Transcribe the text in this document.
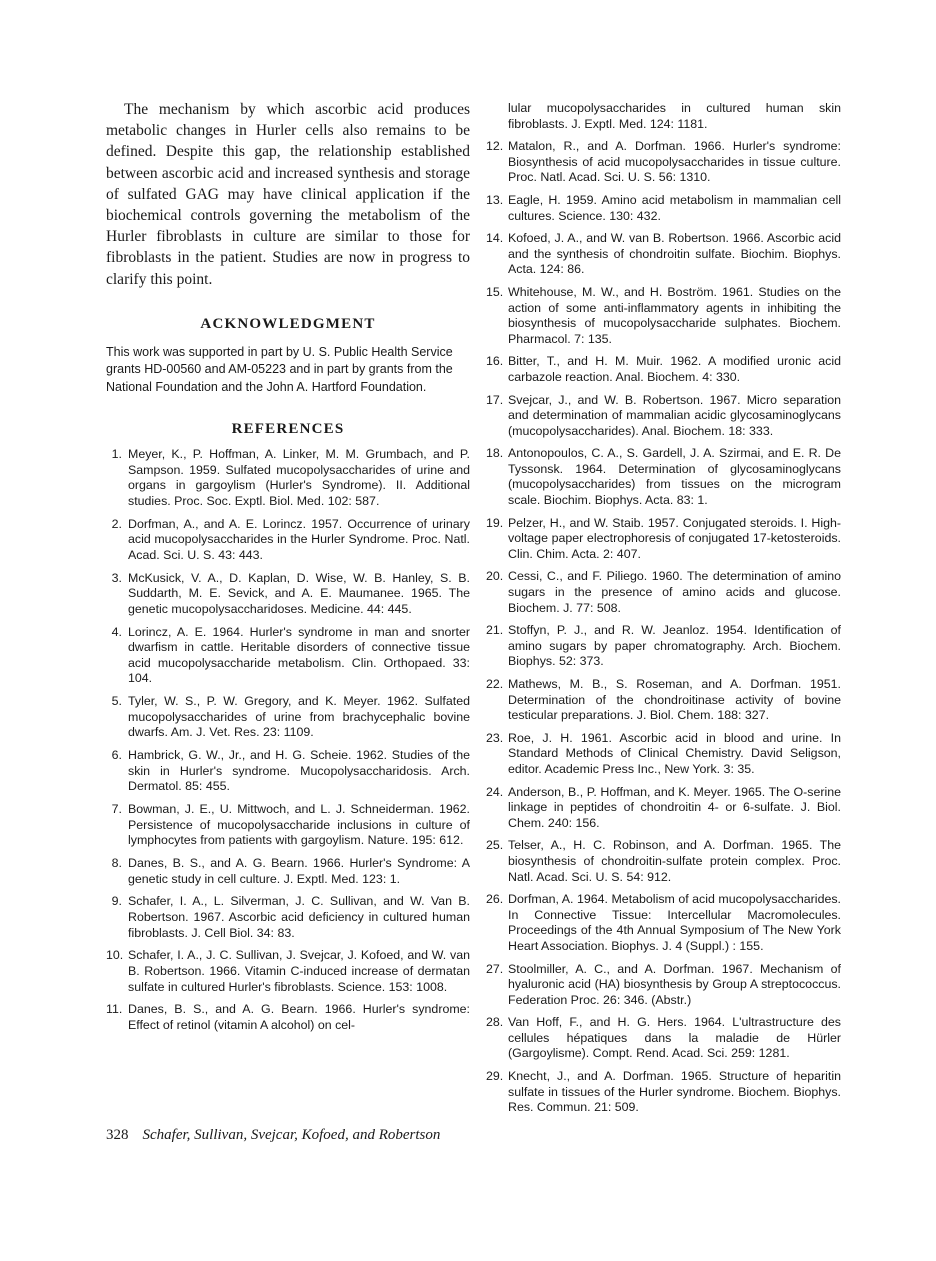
The mechanism by which ascorbic acid produces metabolic changes in Hurler cells also remains to be defined. Despite this gap, the relationship established between ascorbic acid and increased synthesis and storage of sulfated GAG may have clinical application if the biochemical controls governing the metabolism of the Hurler fibroblasts in culture are similar to those for fibroblasts in the patient. Studies are now in progress to clarify this point.

ACKNOWLEDGMENT

This work was supported in part by U. S. Public Health Service grants HD-00560 and AM-05223 and in part by grants from the National Foundation and the John A. Hartford Foundation.

REFERENCES
1. Meyer, K., P. Hoffman, A. Linker, M. M. Grumbach, and P. Sampson. 1959. Sulfated mucopolysaccharides of urine and organs in gargoylism (Hurler's Syndrome). II. Additional studies. Proc. Soc. Exptl. Biol. Med. 102: 587.
2. Dorfman, A., and A. E. Lorincz. 1957. Occurrence of urinary acid mucopolysaccharides in the Hurler Syndrome. Proc. Natl. Acad. Sci. U. S. 43: 443.
3. McKusick, V. A., D. Kaplan, D. Wise, W. B. Hanley, S. B. Suddarth, M. E. Sevick, and A. E. Maumanee. 1965. The genetic mucopolysaccharidoses. Medicine. 44: 445.
4. Lorincz, A. E. 1964. Hurler's syndrome in man and snorter dwarfism in cattle. Heritable disorders of connective tissue acid mucopolysaccharide metabolism. Clin. Orthopaed. 33: 104.
5. Tyler, W. S., P. W. Gregory, and K. Meyer. 1962. Sulfated mucopolysaccharides of urine from brachycephalic bovine dwarfs. Am. J. Vet. Res. 23: 1109.
6. Hambrick, G. W., Jr., and H. G. Scheie. 1962. Studies of the skin in Hurler's syndrome. Mucopolysaccharidosis. Arch. Dermatol. 85: 455.
7. Bowman, J. E., U. Mittwoch, and L. J. Schneiderman. 1962. Persistence of mucopolysaccharide inclusions in culture of lymphocytes from patients with gargoylism. Nature. 195: 612.
8. Danes, B. S., and A. G. Bearn. 1966. Hurler's Syndrome: A genetic study in cell culture. J. Exptl. Med. 123: 1.
9. Schafer, I. A., L. Silverman, J. C. Sullivan, and W. Van B. Robertson. 1967. Ascorbic acid deficiency in cultured human fibroblasts. J. Cell Biol. 34: 83.
10. Schafer, I. A., J. C. Sullivan, J. Svejcar, J. Kofoed, and W. van B. Robertson. 1966. Vitamin C-induced increase of dermatan sulfate in cultured Hurler's fibroblasts. Science. 153: 1008.
11. Danes, B. S., and A. G. Bearn. 1966. Hurler's syndrome: Effect of retinol (vitamin A alcohol) on cel-
lular mucopolysaccharides in cultured human skin fibroblasts. J. Exptl. Med. 124: 1181.
12. Matalon, R., and A. Dorfman. 1966. Hurler's syndrome: Biosynthesis of acid mucopolysaccharides in tissue culture. Proc. Natl. Acad. Sci. U. S. 56: 1310.
13. Eagle, H. 1959. Amino acid metabolism in mammalian cell cultures. Science. 130: 432.
14. Kofoed, J. A., and W. van B. Robertson. 1966. Ascorbic acid and the synthesis of chondroitin sulfate. Biochim. Biophys. Acta. 124: 86.
15. Whitehouse, M. W., and H. Boström. 1961. Studies on the action of some anti-inflammatory agents in inhibiting the biosynthesis of mucopolysaccharide sulphates. Biochem. Pharmacol. 7: 135.
16. Bitter, T., and H. M. Muir. 1962. A modified uronic acid carbazole reaction. Anal. Biochem. 4: 330.
17. Svejcar, J., and W. B. Robertson. 1967. Micro separation and determination of mammalian acidic glycosaminoglycans (mucopolysaccharides). Anal. Biochem. 18: 333.
18. Antonopoulos, C. A., S. Gardell, J. A. Szirmai, and E. R. De Tyssonsk. 1964. Determination of glycosaminoglycans (mucopolysaccharides) from tissues on the microgram scale. Biochim. Biophys. Acta. 83: 1.
19. Pelzer, H., and W. Staib. 1957. Conjugated steroids. I. High-voltage paper electrophoresis of conjugated 17-ketosteroids. Clin. Chim. Acta. 2: 407.
20. Cessi, C., and F. Piliego. 1960. The determination of amino sugars in the presence of amino acids and glucose. Biochem. J. 77: 508.
21. Stoffyn, P. J., and R. W. Jeanloz. 1954. Identification of amino sugars by paper chromatography. Arch. Biochem. Biophys. 52: 373.
22. Mathews, M. B., S. Roseman, and A. Dorfman. 1951. Determination of the chondroitinase activity of bovine testicular preparations. J. Biol. Chem. 188: 327.
23. Roe, J. H. 1961. Ascorbic acid in blood and urine. In Standard Methods of Clinical Chemistry. David Seligson, editor. Academic Press Inc., New York. 3: 35.
24. Anderson, B., P. Hoffman, and K. Meyer. 1965. The O-serine linkage in peptides of chondroitin 4- or 6-sulfate. J. Biol. Chem. 240: 156.
25. Telser, A., H. C. Robinson, and A. Dorfman. 1965. The biosynthesis of chondroitin-sulfate protein complex. Proc. Natl. Acad. Sci. U. S. 54: 912.
26. Dorfman, A. 1964. Metabolism of acid mucopolysaccharides. In Connective Tissue: Intercellular Macromolecules. Proceedings of the 4th Annual Symposium of The New York Heart Association. Biophys. J. 4 (Suppl.) : 155.
27. Stoolmiller, A. C., and A. Dorfman. 1967. Mechanism of hyaluronic acid (HA) biosynthesis by Group A streptococcus. Federation Proc. 26: 346. (Abstr.)
28. Van Hoff, F., and H. G. Hers. 1964. L'ultrastructure des cellules hépatiques dans la maladie de Hürler (Gargoylisme). Compt. Rend. Acad. Sci. 259: 1281.
29. Knecht, J., and A. Dorfman. 1965. Structure of heparitin sulfate in tissues of the Hurler syndrome. Biochem. Biophys. Res. Commun. 21: 509.
328 Schafer, Sullivan, Svejcar, Kofoed, and Robertson
